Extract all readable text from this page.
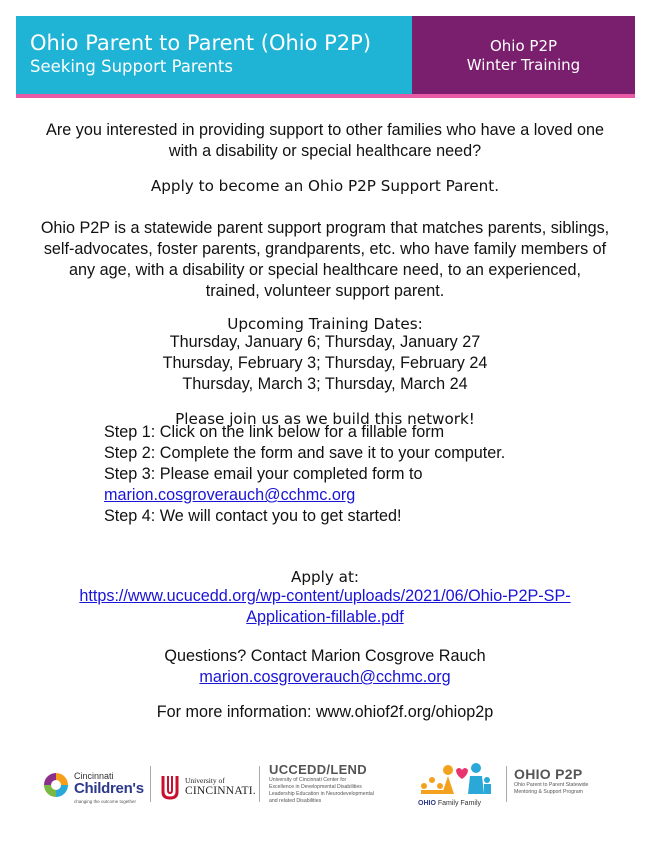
Ohio Parent to Parent (Ohio P2P)
Seeking Support Parents
Ohio P2P
Winter Training
Are you interested in providing support to other families who have a loved one
with a disability or special healthcare need?
Apply to become an Ohio P2P Support Parent.
Ohio P2P is a statewide parent support program that matches parents, siblings,
self-advocates, foster parents, grandparents, etc. who have family members of
any age, with a disability or special healthcare need, to an experienced,
trained, volunteer support parent.
Upcoming Training Dates:
Thursday, January 6; Thursday, January 27
Thursday, February 3; Thursday, February 24
Thursday, March 3; Thursday, March 24
Please join us as we build this network!
Step 1: Click on the link below for a fillable form
Step 2: Complete the form and save it to your computer.
Step 3: Please email your completed form to
marion.cosgroverauch@cchmc.org
Step 4: We will contact you to get started!
Apply at:
https://www.ucucedd.org/wp-content/uploads/2021/06/Ohio-P2P-SP-
Application-fillable.pdf
Questions? Contact Marion Cosgrove Rauch
marion.cosgroverauch@cchmc.org
For more information: www.ohiof2f.org/ohiop2p
Cincinnati
Children's
changing the outcome together
University of
CINCINNATI.
UCCEDD/LEND
University of Cincinnati Center for
Excellence in Developmental Disabilities
Leadership Education in Neurodevelopmental
and related Disabilities	OHIO Family Family
OHIO P2P
Ohio Parent to Parent Statewide
Mentoring & Support Program
